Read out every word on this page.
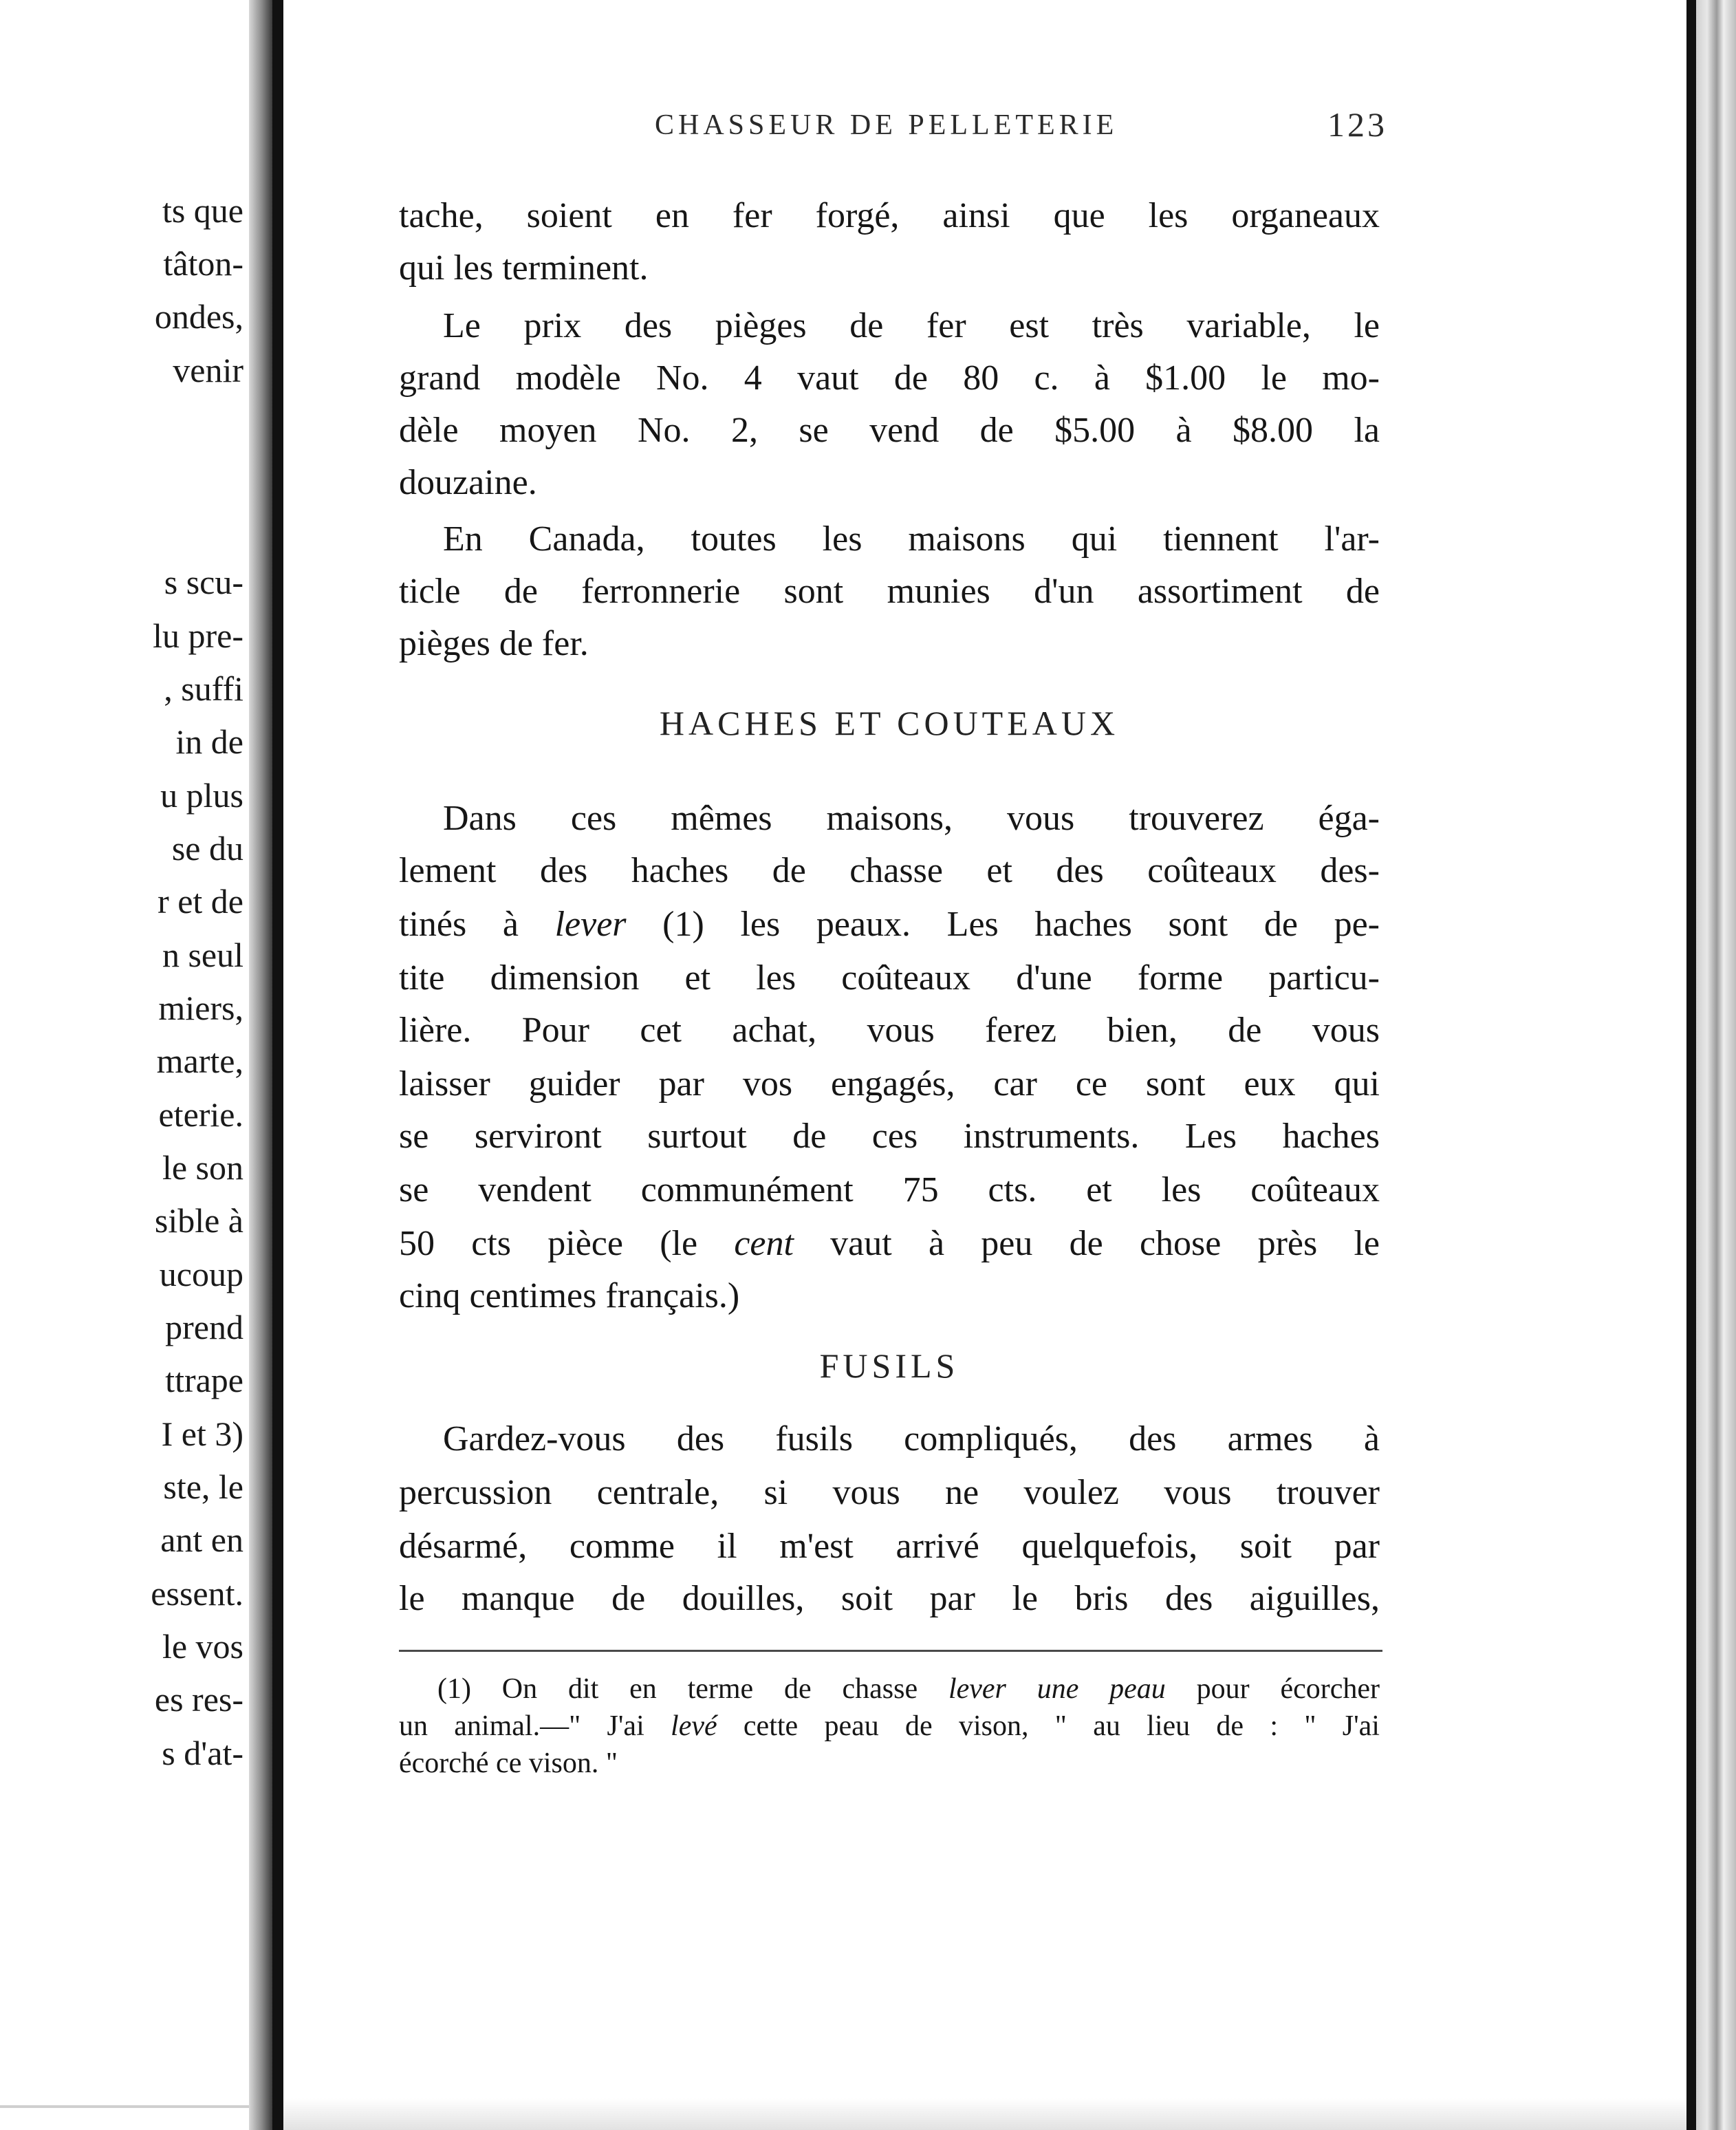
ts que
tâton-
ondes,
venir
s scu-
lu pre-
, suffi
in de
u plus
se du
r et de
n seul
miers,
marte,
eterie.
le son
sible à
ucoup
prend
ttrape
I et 3)
ste, le
ant en
essent.
le vos
es res-
s d'at-
CHASSEUR DE PELLETERIE	123
tache, soient en fer forgé, ainsi que les organeaux
qui les terminent.
Le prix des pièges de fer est très variable, le
grand modèle No. 4 vaut de 80 c. à $1.00 le mo-
dèle moyen No. 2, se vend de $5.00 à $8.00 la
douzaine.
En Canada, toutes les maisons qui tiennent l'ar-
ticle de ferronnerie sont munies d'un assortiment de
pièges de fer.
HACHES ET COUTEAUX
Dans ces mêmes maisons, vous trouverez éga-
lement des haches de chasse et des coûteaux des-
tinés à lever (1) les peaux. Les haches sont de pe-
tite dimension et les coûteaux d'une forme particu-
lière. Pour cet achat, vous ferez bien, de vous
laisser guider par vos engagés, car ce sont eux qui
se serviront surtout de ces instruments. Les haches
se vendent communément 75 cts. et les coûteaux
50 cts pièce (le cent vaut à peu de chose près le
cinq centimes français.)
FUSILS
Gardez-vous des fusils compliqués, des armes à
percussion centrale, si vous ne voulez vous trouver
désarmé, comme il m'est arrivé quelquefois, soit par
le manque de douilles, soit par le bris des aiguilles,
(1) On dit en terme de chasse lever une peau pour écorcher
un animal.—" J'ai levé cette peau de vison, " au lieu de : " J'ai
écorché ce vison. "
